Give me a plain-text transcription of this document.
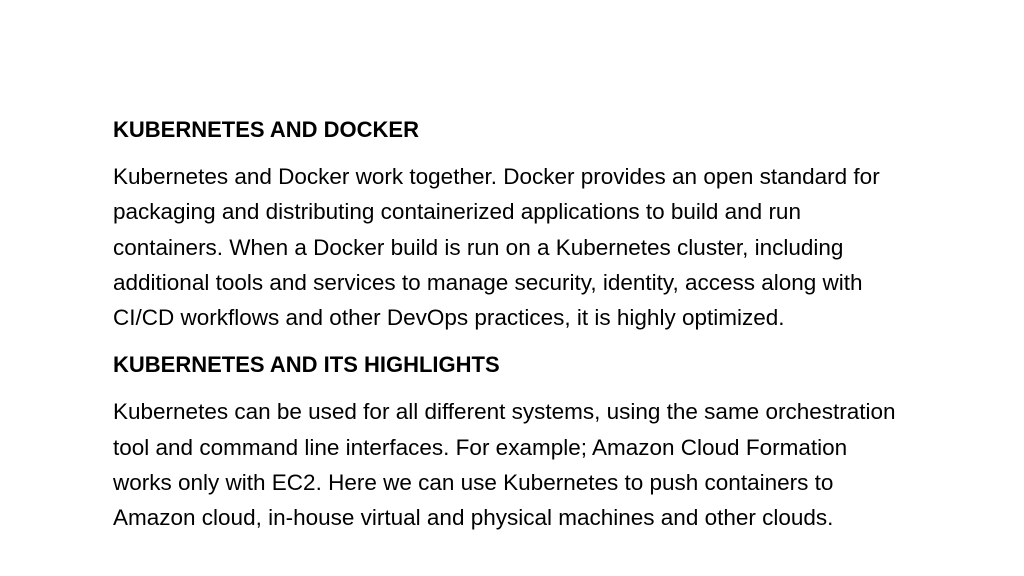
KUBERNETES AND DOCKER
Kubernetes and Docker work together. Docker provides an open standard for
packaging and distributing containerized applications to build and run
containers. When a Docker build is run on a Kubernetes cluster, including
additional tools and services to manage security, identity, access along with
CI/CD workflows and other DevOps practices, it is highly optimized.
KUBERNETES AND ITS HIGHLIGHTS
Kubernetes can be used for all different systems, using the same orchestration
tool and command line interfaces. For example; Amazon Cloud Formation
works only with EC2. Here we can use Kubernetes to push containers to
Amazon cloud, in-house virtual and physical machines and other clouds.
